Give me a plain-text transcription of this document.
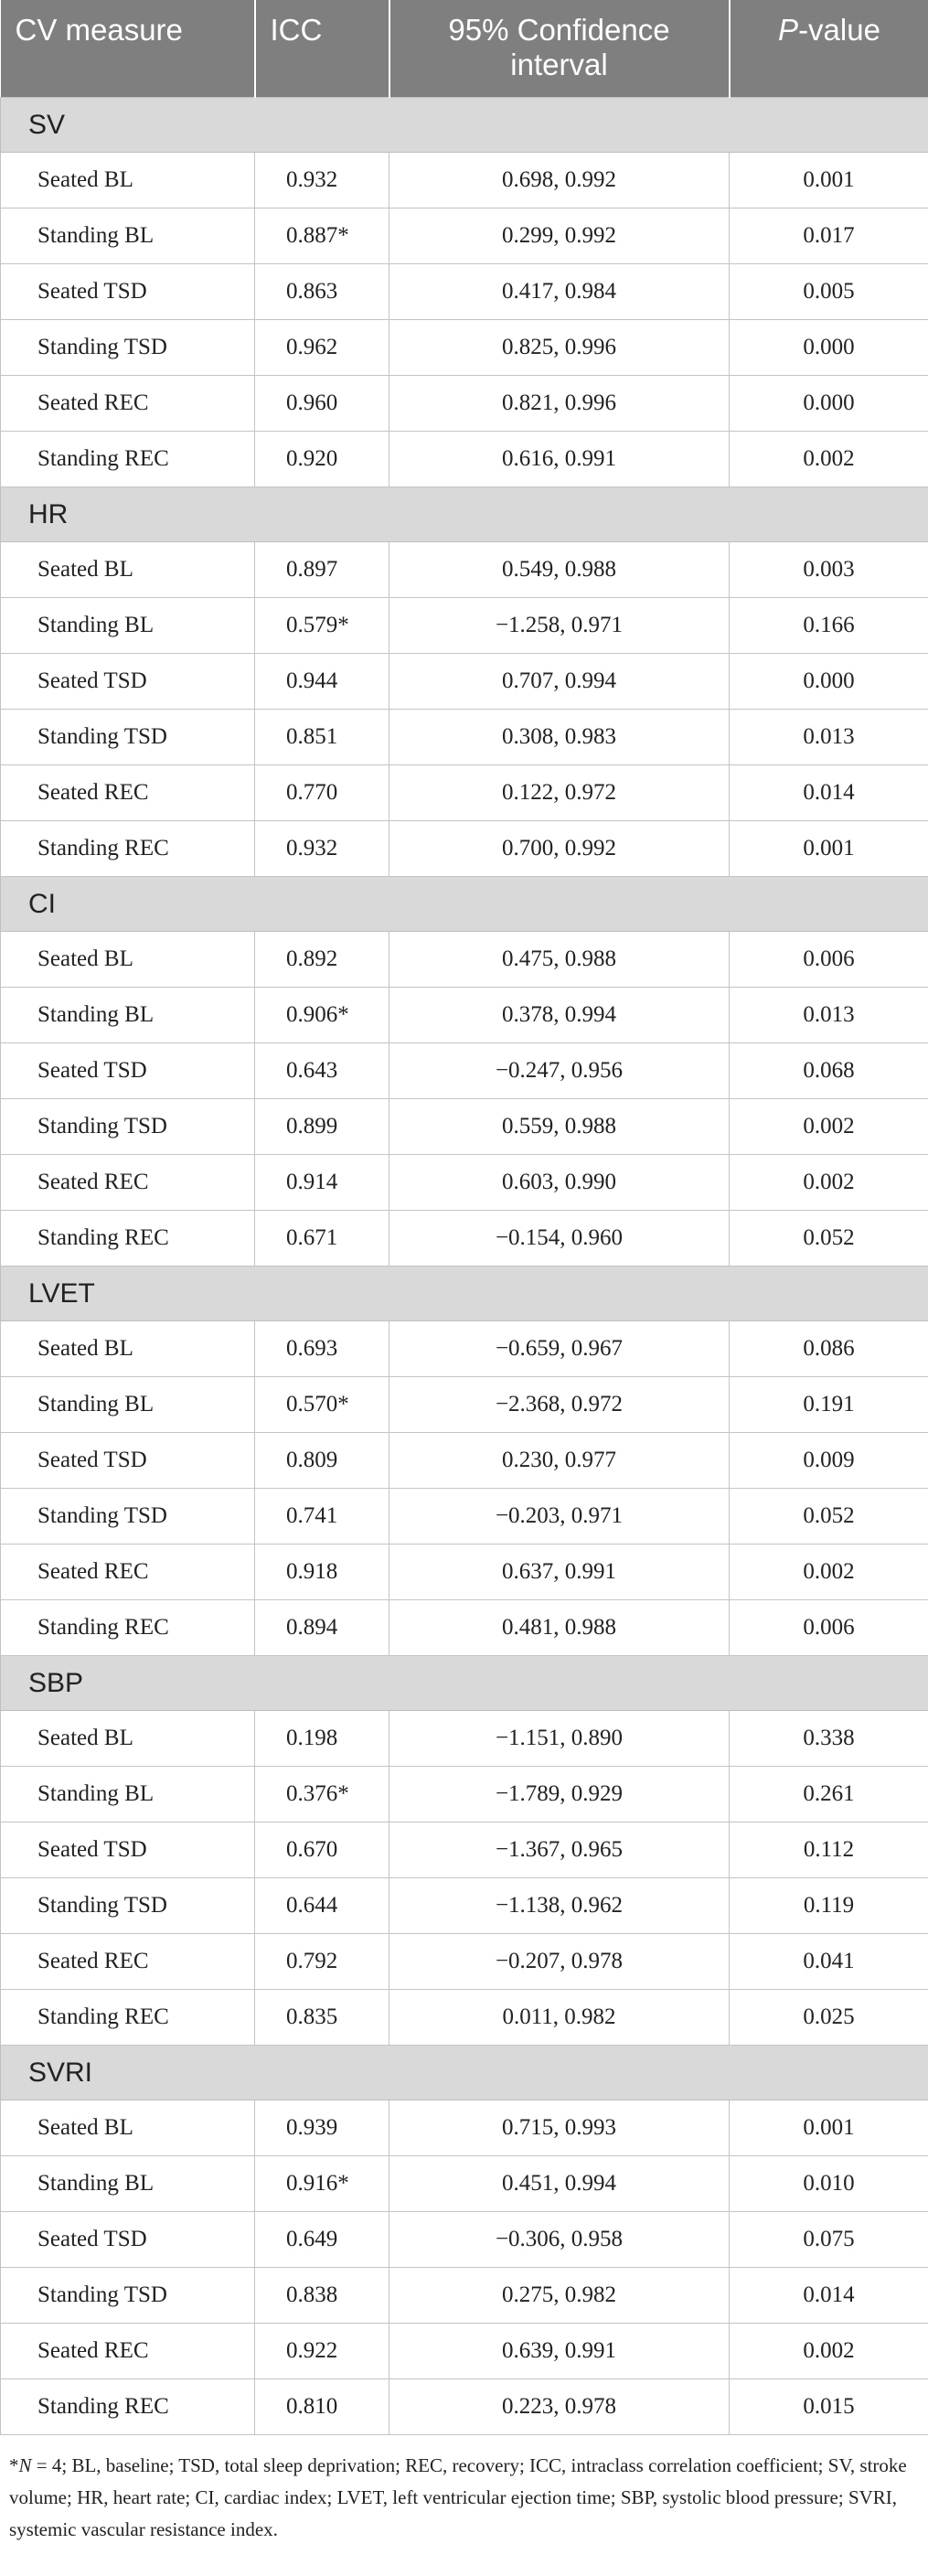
CV measure	ICC	95% Confidence interval	P-value

SV			
Seated BL	0.932	0.698, 0.992	0.001
Standing BL	0.887*	0.299, 0.992	0.017
Seated TSD	0.863	0.417, 0.984	0.005
Standing TSD	0.962	0.825, 0.996	0.000
Seated REC	0.960	0.821, 0.996	0.000
Standing REC	0.920	0.616, 0.991	0.002
HR			
Seated BL	0.897	0.549, 0.988	0.003
Standing BL	0.579*	−1.258, 0.971	0.166
Seated TSD	0.944	0.707, 0.994	0.000
Standing TSD	0.851	0.308, 0.983	0.013
Seated REC	0.770	0.122, 0.972	0.014
Standing REC	0.932	0.700, 0.992	0.001
CI			
Seated BL	0.892	0.475, 0.988	0.006
Standing BL	0.906*	0.378, 0.994	0.013
Seated TSD	0.643	−0.247, 0.956	0.068
Standing TSD	0.899	0.559, 0.988	0.002
Seated REC	0.914	0.603, 0.990	0.002
Standing REC	0.671	−0.154, 0.960	0.052
LVET			
Seated BL	0.693	−0.659, 0.967	0.086
Standing BL	0.570*	−2.368, 0.972	0.191
Seated TSD	0.809	0.230, 0.977	0.009
Standing TSD	0.741	−0.203, 0.971	0.052
Seated REC	0.918	0.637, 0.991	0.002
Standing REC	0.894	0.481, 0.988	0.006
SBP			
Seated BL	0.198	−1.151, 0.890	0.338
Standing BL	0.376*	−1.789, 0.929	0.261
Seated TSD	0.670	−1.367, 0.965	0.112
Standing TSD	0.644	−1.138, 0.962	0.119
Seated REC	0.792	−0.207, 0.978	0.041
Standing REC	0.835	0.011, 0.982	0.025
SVRI			
Seated BL	0.939	0.715, 0.993	0.001
Standing BL	0.916*	0.451, 0.994	0.010
Seated TSD	0.649	−0.306, 0.958	0.075
Standing TSD	0.838	0.275, 0.982	0.014
Seated REC	0.922	0.639, 0.991	0.002
Standing REC	0.810	0.223, 0.978	0.015
*N = 4; BL, baseline; TSD, total sleep deprivation; REC, recovery; ICC, intraclass correlation coefficient; SV, stroke volume; HR, heart rate; CI, cardiac index; LVET, left ventricular ejection time; SBP, systolic blood pressure; SVRI, systemic vascular resistance index.
